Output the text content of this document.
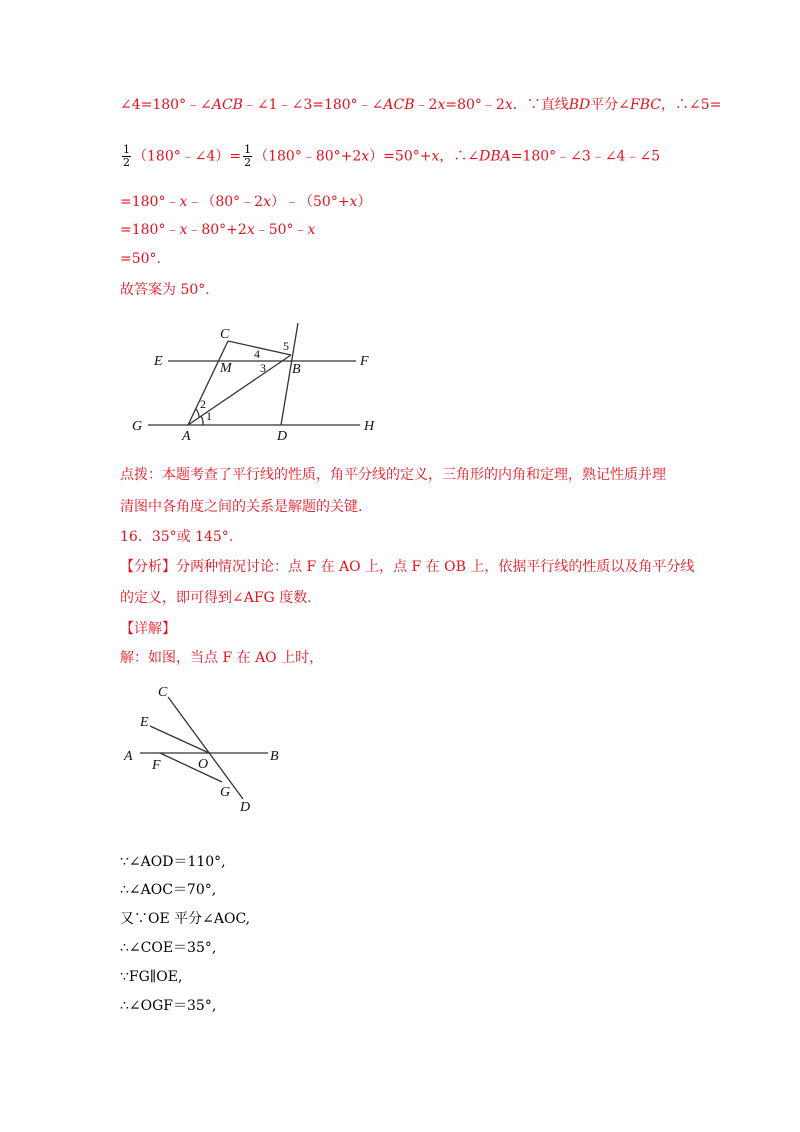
∠4=180°﹣∠ACB﹣∠1﹣∠3=180°﹣∠ACB﹣2x=80°﹣2x．∵直线BD平分∠FBC，∴∠5=
$\frac{1}{2}$ （180°﹣∠4）= $\frac{1}{2}$ （180°﹣80°+2x）=50°+x，∴∠DBA=180°﹣∠3﹣∠4﹣∠5
=180°﹣x﹣（80°﹣2x）﹣（50°+x）
=180°﹣x﹣80°+2x﹣50°﹣x
=50°.
故答案为 50°.
C
E	F
M	B
G
A	D
H
1
2
3
4
5
点拨：本题考查了平行线的性质，角平分线的定义，三角形的内角和定理，熟记性质并理
清图中各角度之间的关系是解题的关键.
16．35°或 145°.
【分析】分两种情况讨论：点 F 在 AO 上，点 F 在 OB 上，依据平行线的性质以及角平分线
的定义，即可得到∠AFG 度数.
【详解】
解：如图，当点 F 在 AO 上时，
C
E
A
F	O
B
G
D
∵∠AOD＝110°,
∴∠AOC＝70°,
又∵OE 平分∠AOC,
∴∠COE＝35°,
∵FG∥OE,
∴∠OGF＝35°,
